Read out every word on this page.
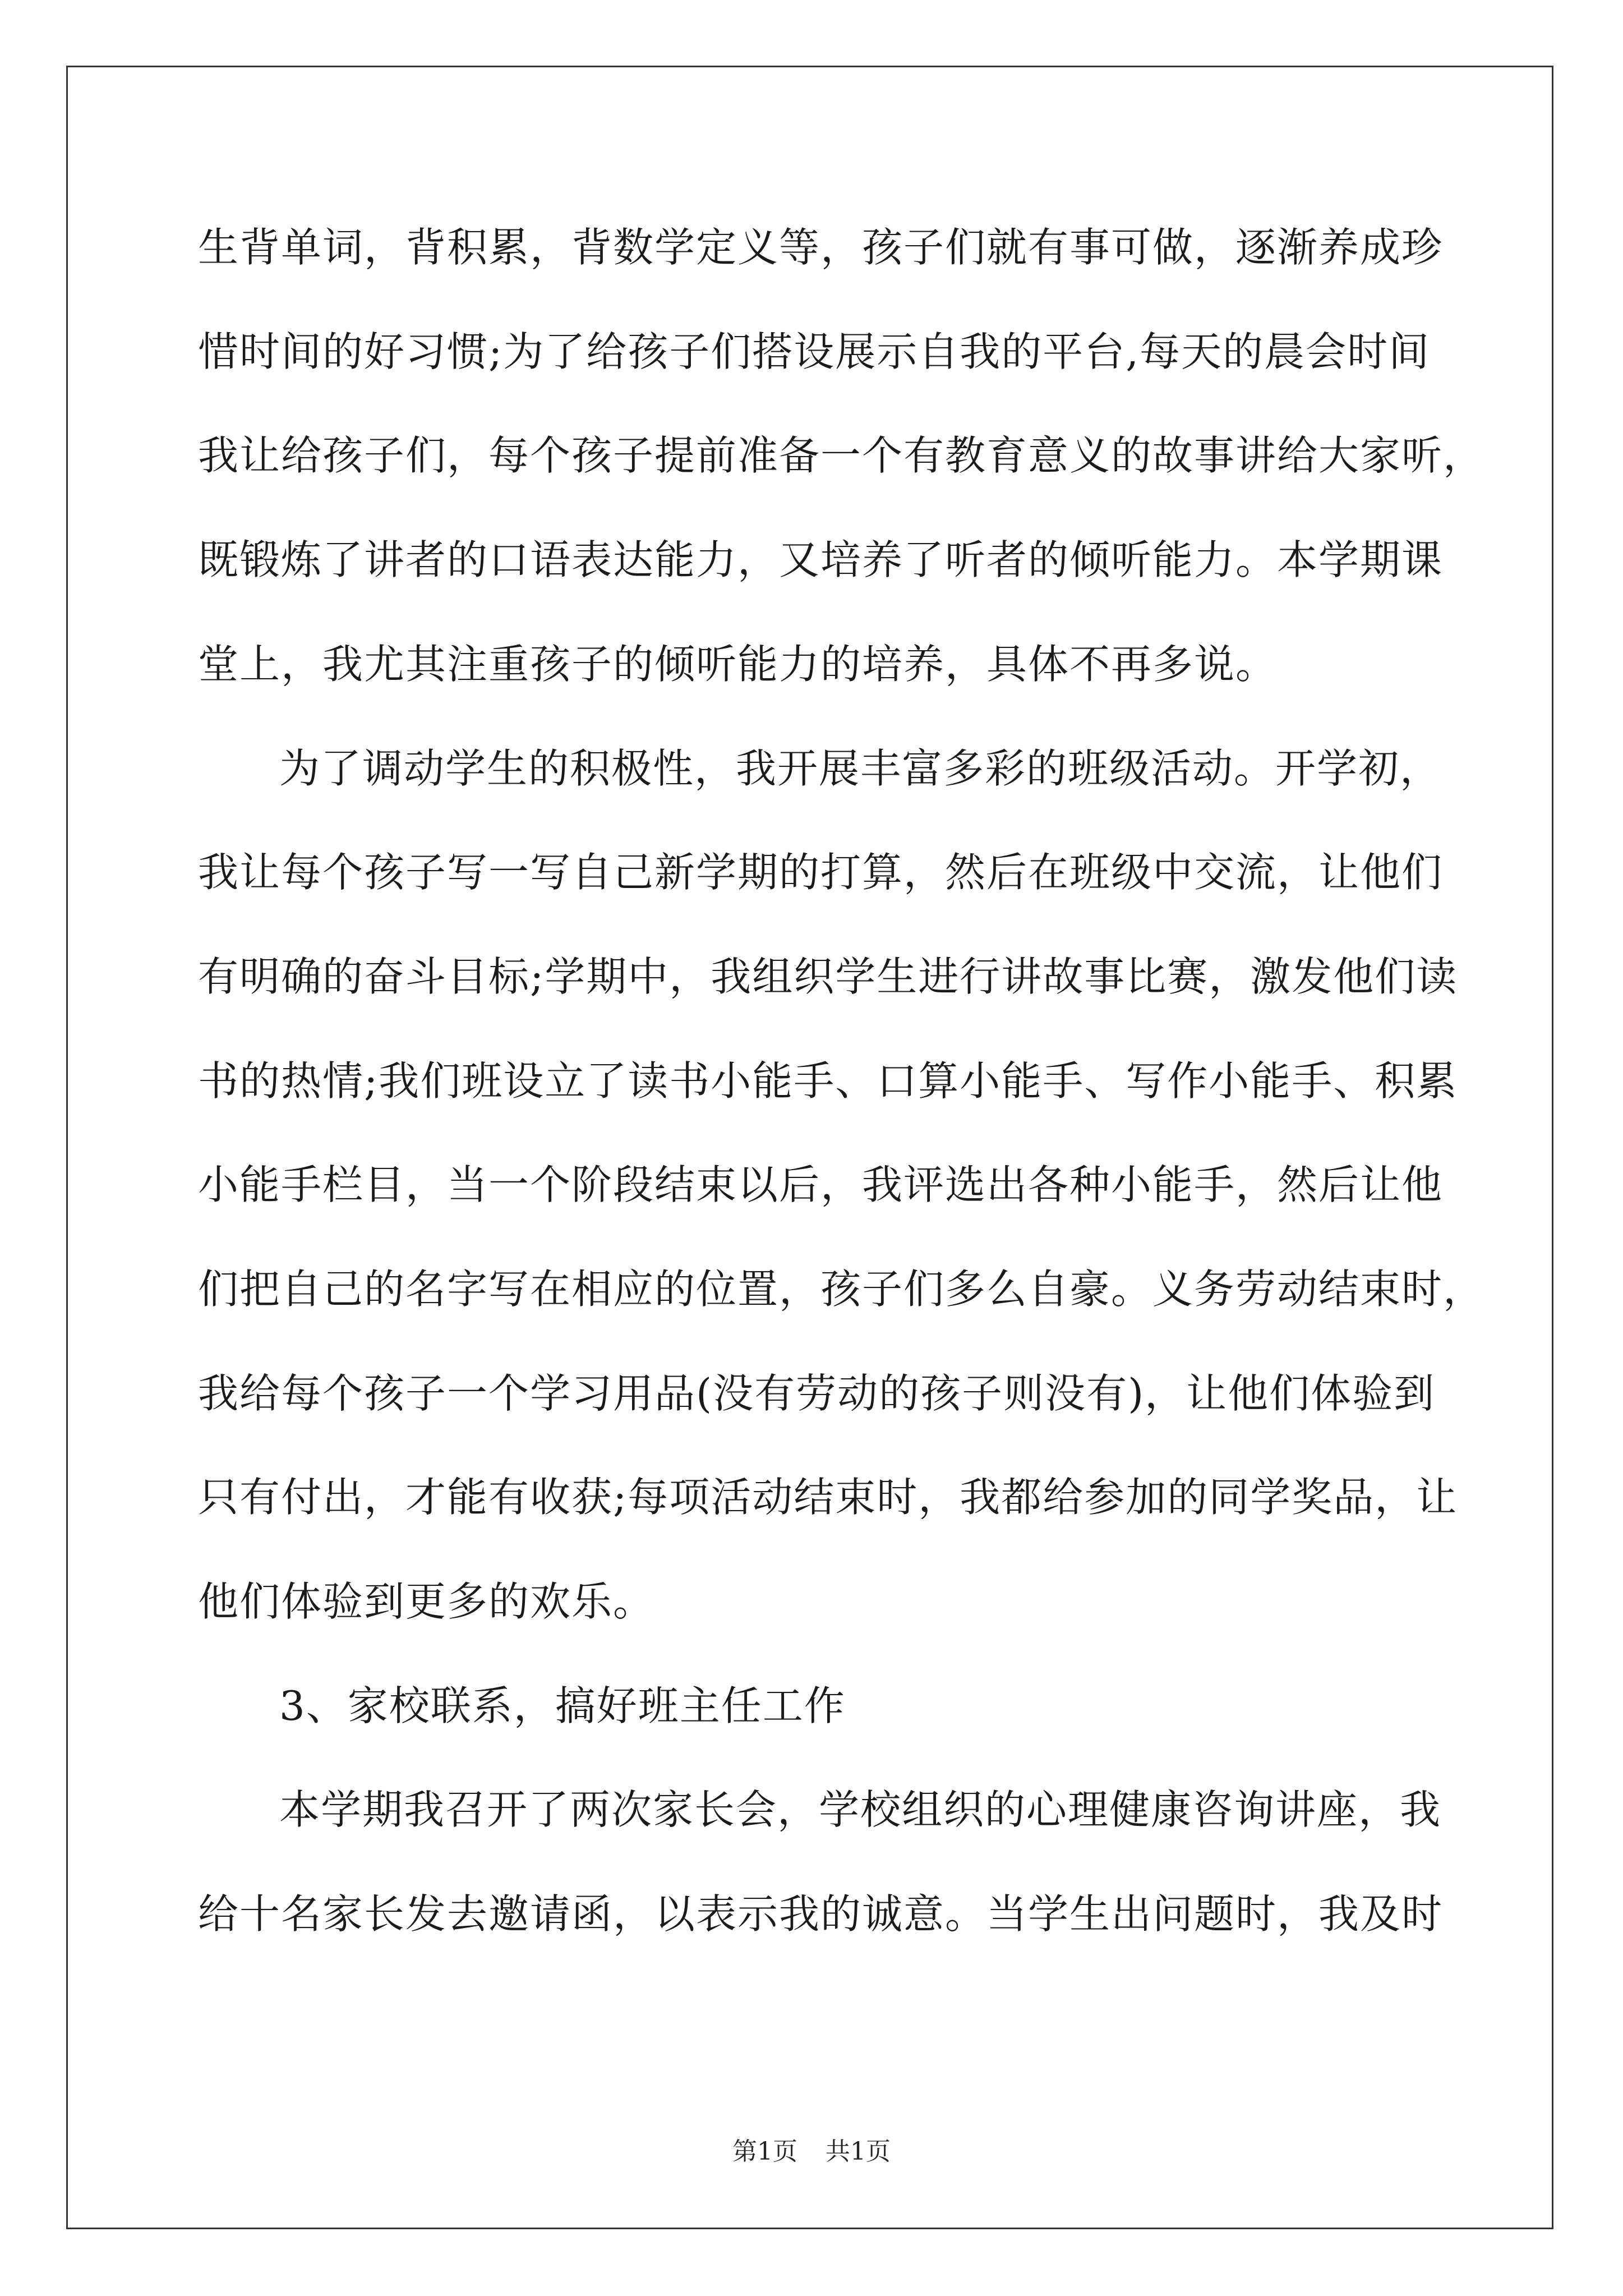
生背单词，背积累，背数学定义等，孩子们就有事可做，逐渐养成珍
惜时间的好习惯;为了给孩子们搭设展示自我的平台,每天的晨会时间
我让给孩子们，每个孩子提前准备一个有教育意义的故事讲给大家听，
既锻炼了讲者的口语表达能力，又培养了听者的倾听能力。本学期课
堂上，我尤其注重孩子的倾听能力的培养，具体不再多说。
为了调动学生的积极性，我开展丰富多彩的班级活动。开学初，
我让每个孩子写一写自己新学期的打算，然后在班级中交流，让他们
有明确的奋斗目标;学期中，我组织学生进行讲故事比赛，激发他们读
书的热情;我们班设立了读书小能手、口算小能手、写作小能手、积累
小能手栏目，当一个阶段结束以后，我评选出各种小能手，然后让他
们把自己的名字写在相应的位置，孩子们多么自豪。义务劳动结束时，
我给每个孩子一个学习用品(没有劳动的孩子则没有)，让他们体验到
只有付出，才能有收获;每项活动结束时，我都给参加的同学奖品，让
他们体验到更多的欢乐。
3、家校联系，搞好班主任工作
本学期我召开了两次家长会，学校组织的心理健康咨询讲座，我
给十名家长发去邀请函，以表示我的诚意。当学生出问题时，我及时
第1页 共1页
